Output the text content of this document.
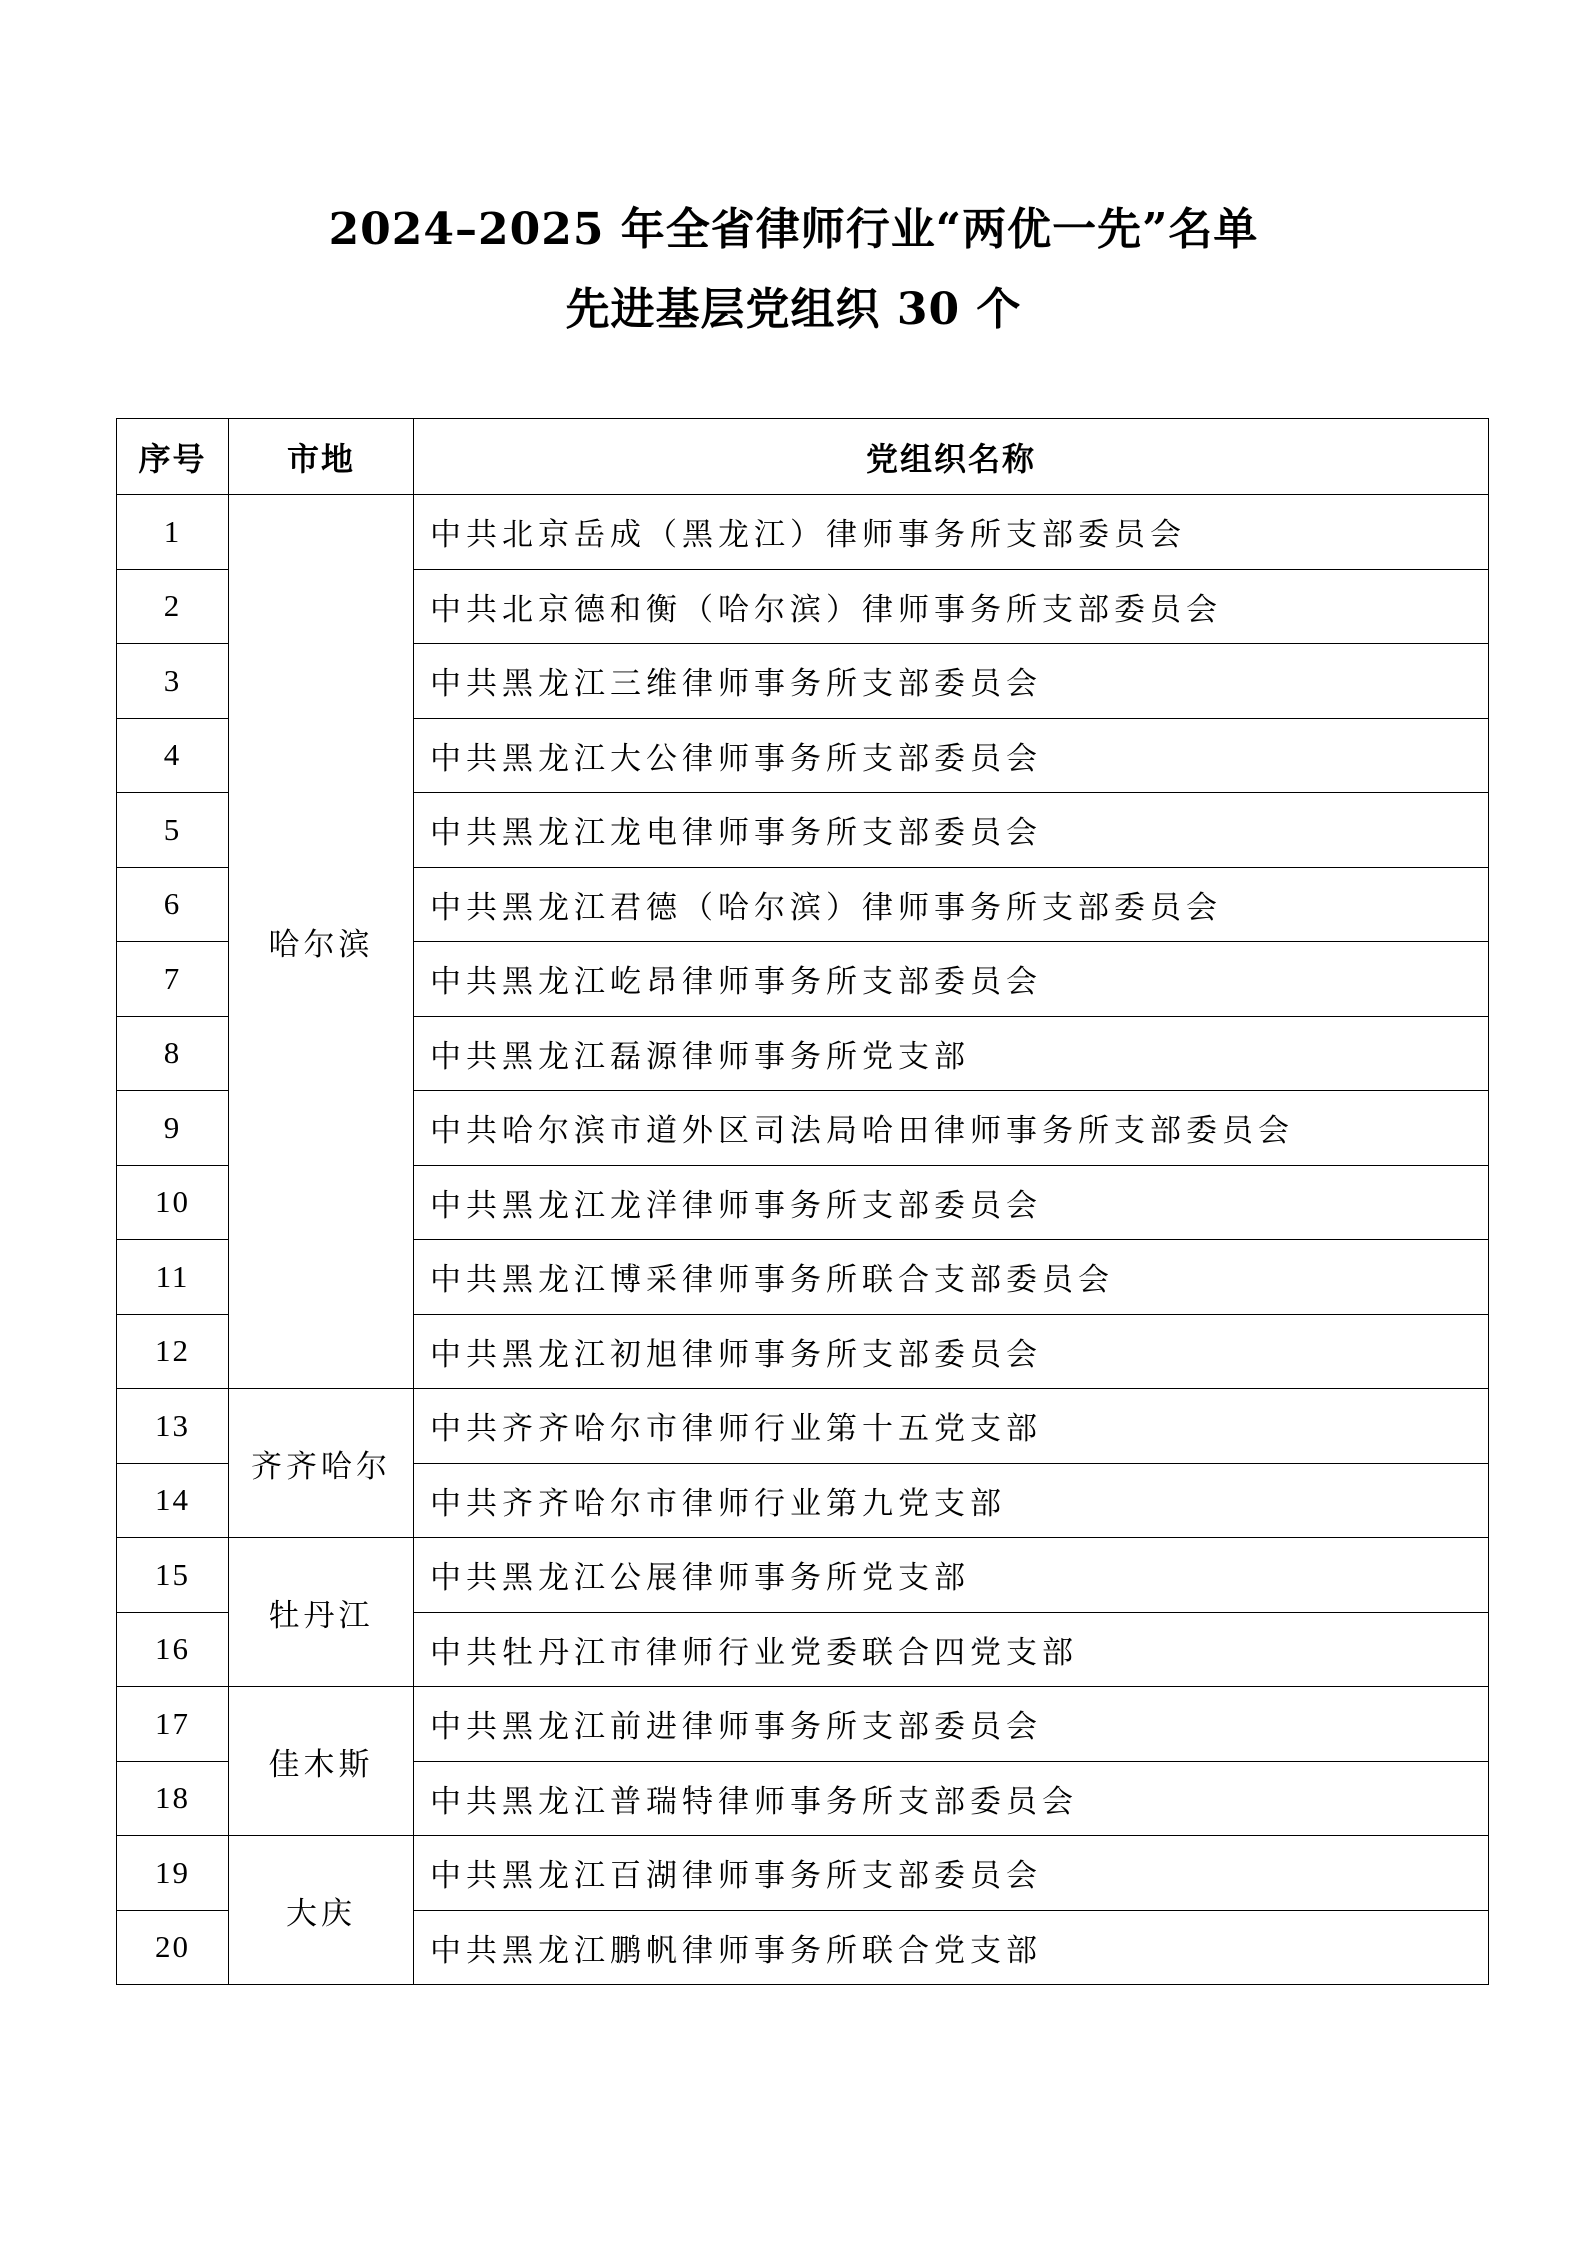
2024–2025 年全省律师行业“两优一先”名单
先进基层党组织 30 个
序号	市地	党组织名称
1	哈尔滨	中共北京岳成（黑龙江）律师事务所支部委员会
2		中共北京德和衡（哈尔滨）律师事务所支部委员会
3		中共黑龙江三维律师事务所支部委员会
4		中共黑龙江大公律师事务所支部委员会
5		中共黑龙江龙电律师事务所支部委员会
6		中共黑龙江君德（哈尔滨）律师事务所支部委员会
7		中共黑龙江屹昂律师事务所支部委员会
8		中共黑龙江磊源律师事务所党支部
9		中共哈尔滨市道外区司法局哈田律师事务所支部委员会
10		中共黑龙江龙洋律师事务所支部委员会
11		中共黑龙江博采律师事务所联合支部委员会
12		中共黑龙江初旭律师事务所支部委员会
13	齐齐哈尔	中共齐齐哈尔市律师行业第十五党支部
14		中共齐齐哈尔市律师行业第九党支部
15	牡丹江	中共黑龙江公展律师事务所党支部
16		中共牡丹江市律师行业党委联合四党支部
17	佳木斯	中共黑龙江前进律师事务所支部委员会
18		中共黑龙江普瑞特律师事务所支部委员会
19	大庆	中共黑龙江百湖律师事务所支部委员会
20		中共黑龙江鹏帆律师事务所联合党支部
